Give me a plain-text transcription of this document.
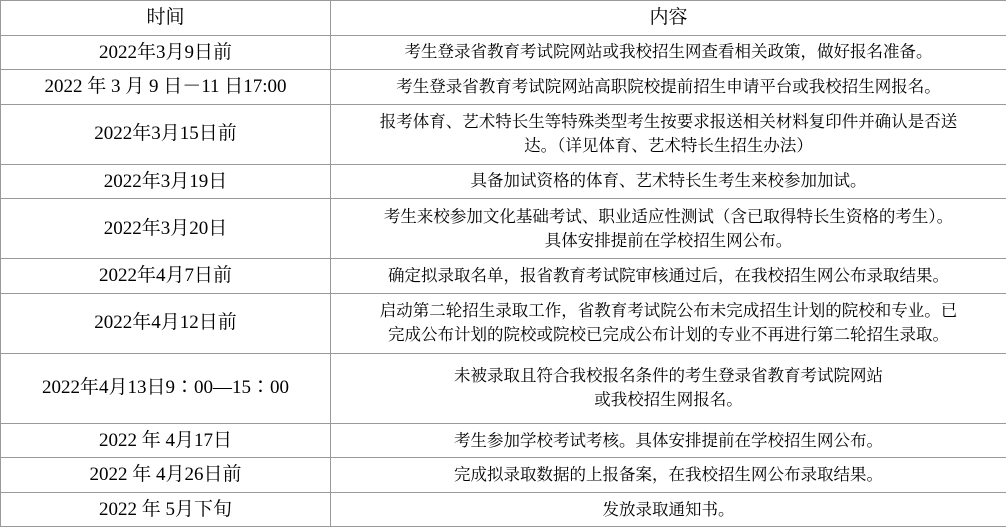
时间	内容
2022年3月9日前	考生登录省教育考试院网站或我校招生网查看相关政策，做好报名准备。

2022 年 3 月 9 日－11 日17:00	考生登录省教育考试院网站高职院校提前招生申请平台或我校招生网报名。

2022年3月15日前	报考体育、艺术特长生等特殊类型考生按要求报送相关材料复印件并确认是否送
达。（详见体育、艺术特长生招生办法）

2022年3月19日	具备加试资格的体育、艺术特长生考生来校参加加试。

2022年3月20日	考生来校参加文化基础考试、职业适应性测试（含已取得特长生资格的考生）。
具体安排提前在学校招生网公布。

2022年4月7日前	确定拟录取名单，报省教育考试院审核通过后，在我校招生网公布录取结果。

2022年4月12日前	启动第二轮招生录取工作，省教育考试院公布未完成招生计划的院校和专业。已
完成公布计划的院校或院校已完成公布计划的专业不再进行第二轮招生录取。

2022年4月13日9∶00—15∶00	未被录取且符合我校报名条件的考生登录省教育考试院网站
或我校招生网报名。

2022 年 4月17日	考生参加学校考试考核。具体安排提前在学校招生网公布。

2022 年 4月26日前	完成拟录取数据的上报备案，在我校招生网公布录取结果。

2022 年 5月下旬	发放录取通知书。
